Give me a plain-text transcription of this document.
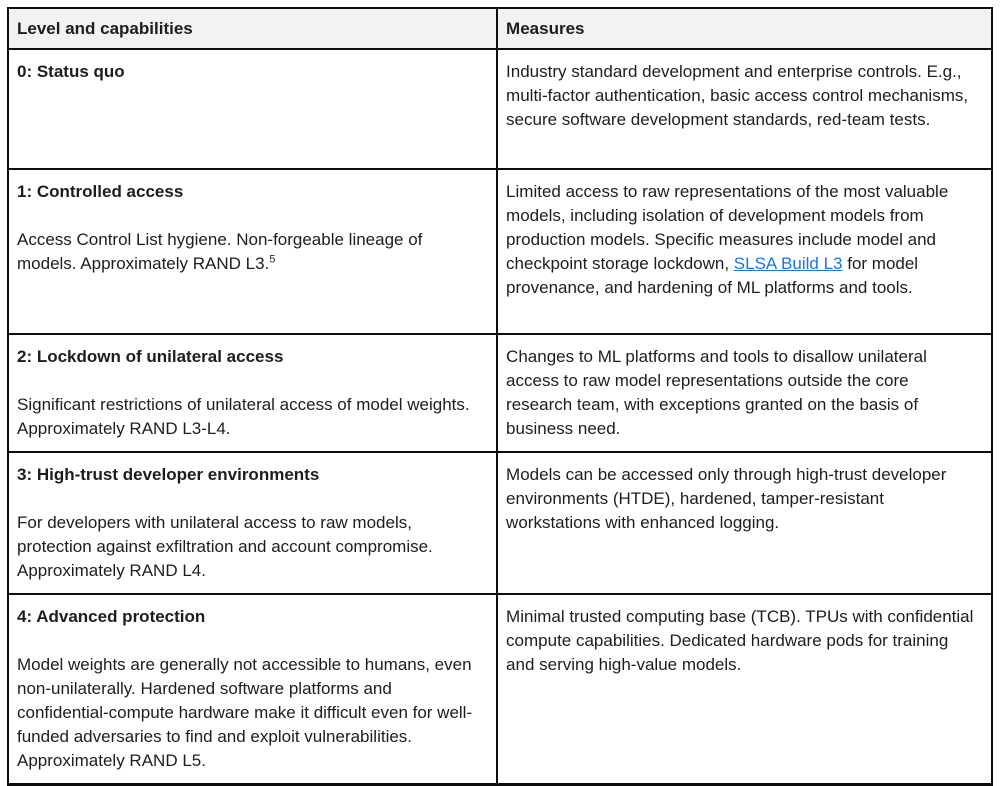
Level and capabilities	Measures

0: Status quo	Industry standard development and enterprise controls. E.g., multi-factor authentication, basic access control mechanisms, secure software development standards, red-team tests.

1: Controlled access
Access Control List hygiene. Non-forgeable lineage of models. Approximately RAND L3.$^5$	Limited access to raw representations of the most valuable models, including isolation of development models from production models. Specific measures include model and checkpoint storage lockdown, SLSA Build L3 for model provenance, and hardening of ML platforms and tools.

2: Lockdown of unilateral access
Significant restrictions of unilateral access of model weights. Approximately RAND L3-L4.	Changes to ML platforms and tools to disallow unilateral access to raw model representations outside the core research team, with exceptions granted on the basis of business need.

3: High-trust developer environments
For developers with unilateral access to raw models, protection against exfiltration and account compromise. Approximately RAND L4.	Models can be accessed only through high-trust developer environments (HTDE), hardened, tamper-resistant workstations with enhanced logging.

4: Advanced protection
Model weights are generally not accessible to humans, even non-unilaterally. Hardened software platforms and confidential-compute hardware make it difficult even for well-funded adversaries to find and exploit vulnerabilities. Approximately RAND L5.	Minimal trusted computing base (TCB). TPUs with confidential compute capabilities. Dedicated hardware pods for training and serving high-value models.
